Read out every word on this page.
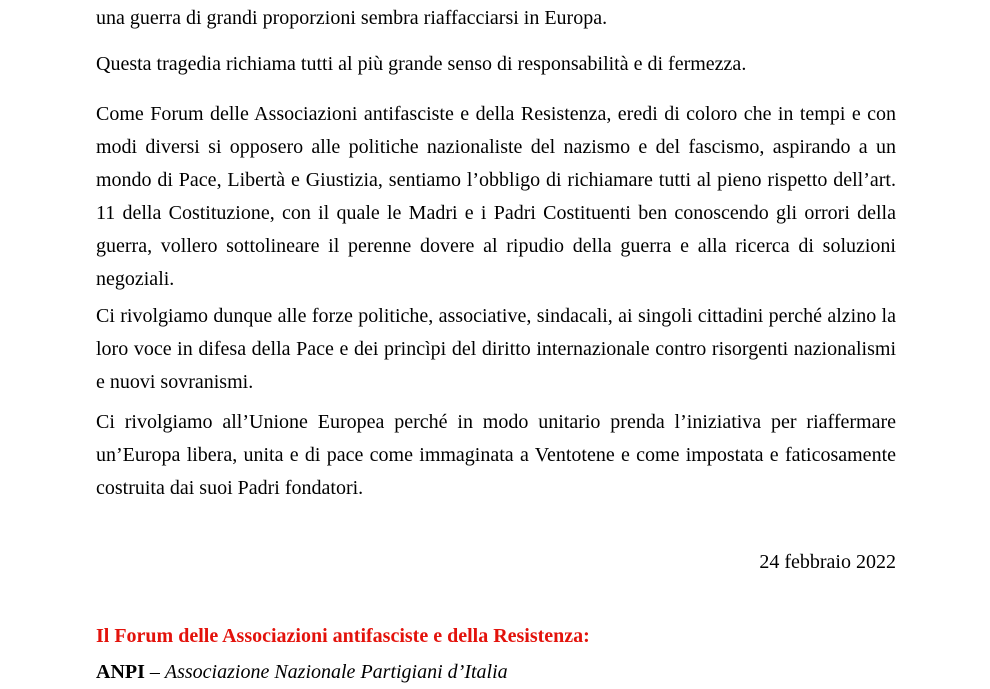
una guerra di grandi proporzioni sembra riaffacciarsi in Europa.

Questa tragedia richiama tutti al più grande senso di responsabilità e di fermezza.

Come Forum delle Associazioni antifasciste e della Resistenza, eredi di coloro che in tempi e con modi diversi si opposero alle politiche nazionaliste del nazismo e del fascismo, aspirando a un mondo di Pace, Libertà e Giustizia, sentiamo l’obbligo di richiamare tutti al pieno rispetto dell’art. 11 della Costituzione, con il quale le Madri e i Padri Costituenti ben conoscendo gli orrori della guerra, vollero sottolineare il perenne dovere al ripudio della guerra e alla ricerca di soluzioni negoziali.

Ci rivolgiamo dunque alle forze politiche, associative, sindacali, ai singoli cittadini perché alzino la loro voce in difesa della Pace e dei princìpi del diritto internazionale contro risorgenti nazionalismi e nuovi sovranismi.

Ci rivolgiamo all’Unione Europea perché in modo unitario prenda l’iniziativa per riaffermare un’Europa libera, unita e di pace come immaginata a Ventotene e come impostata e faticosamente costruita dai suoi Padri fondatori.

24 febbraio 2022

Il Forum delle Associazioni antifasciste e della Resistenza:

ANPI – Associazione Nazionale Partigiani d’Italia
